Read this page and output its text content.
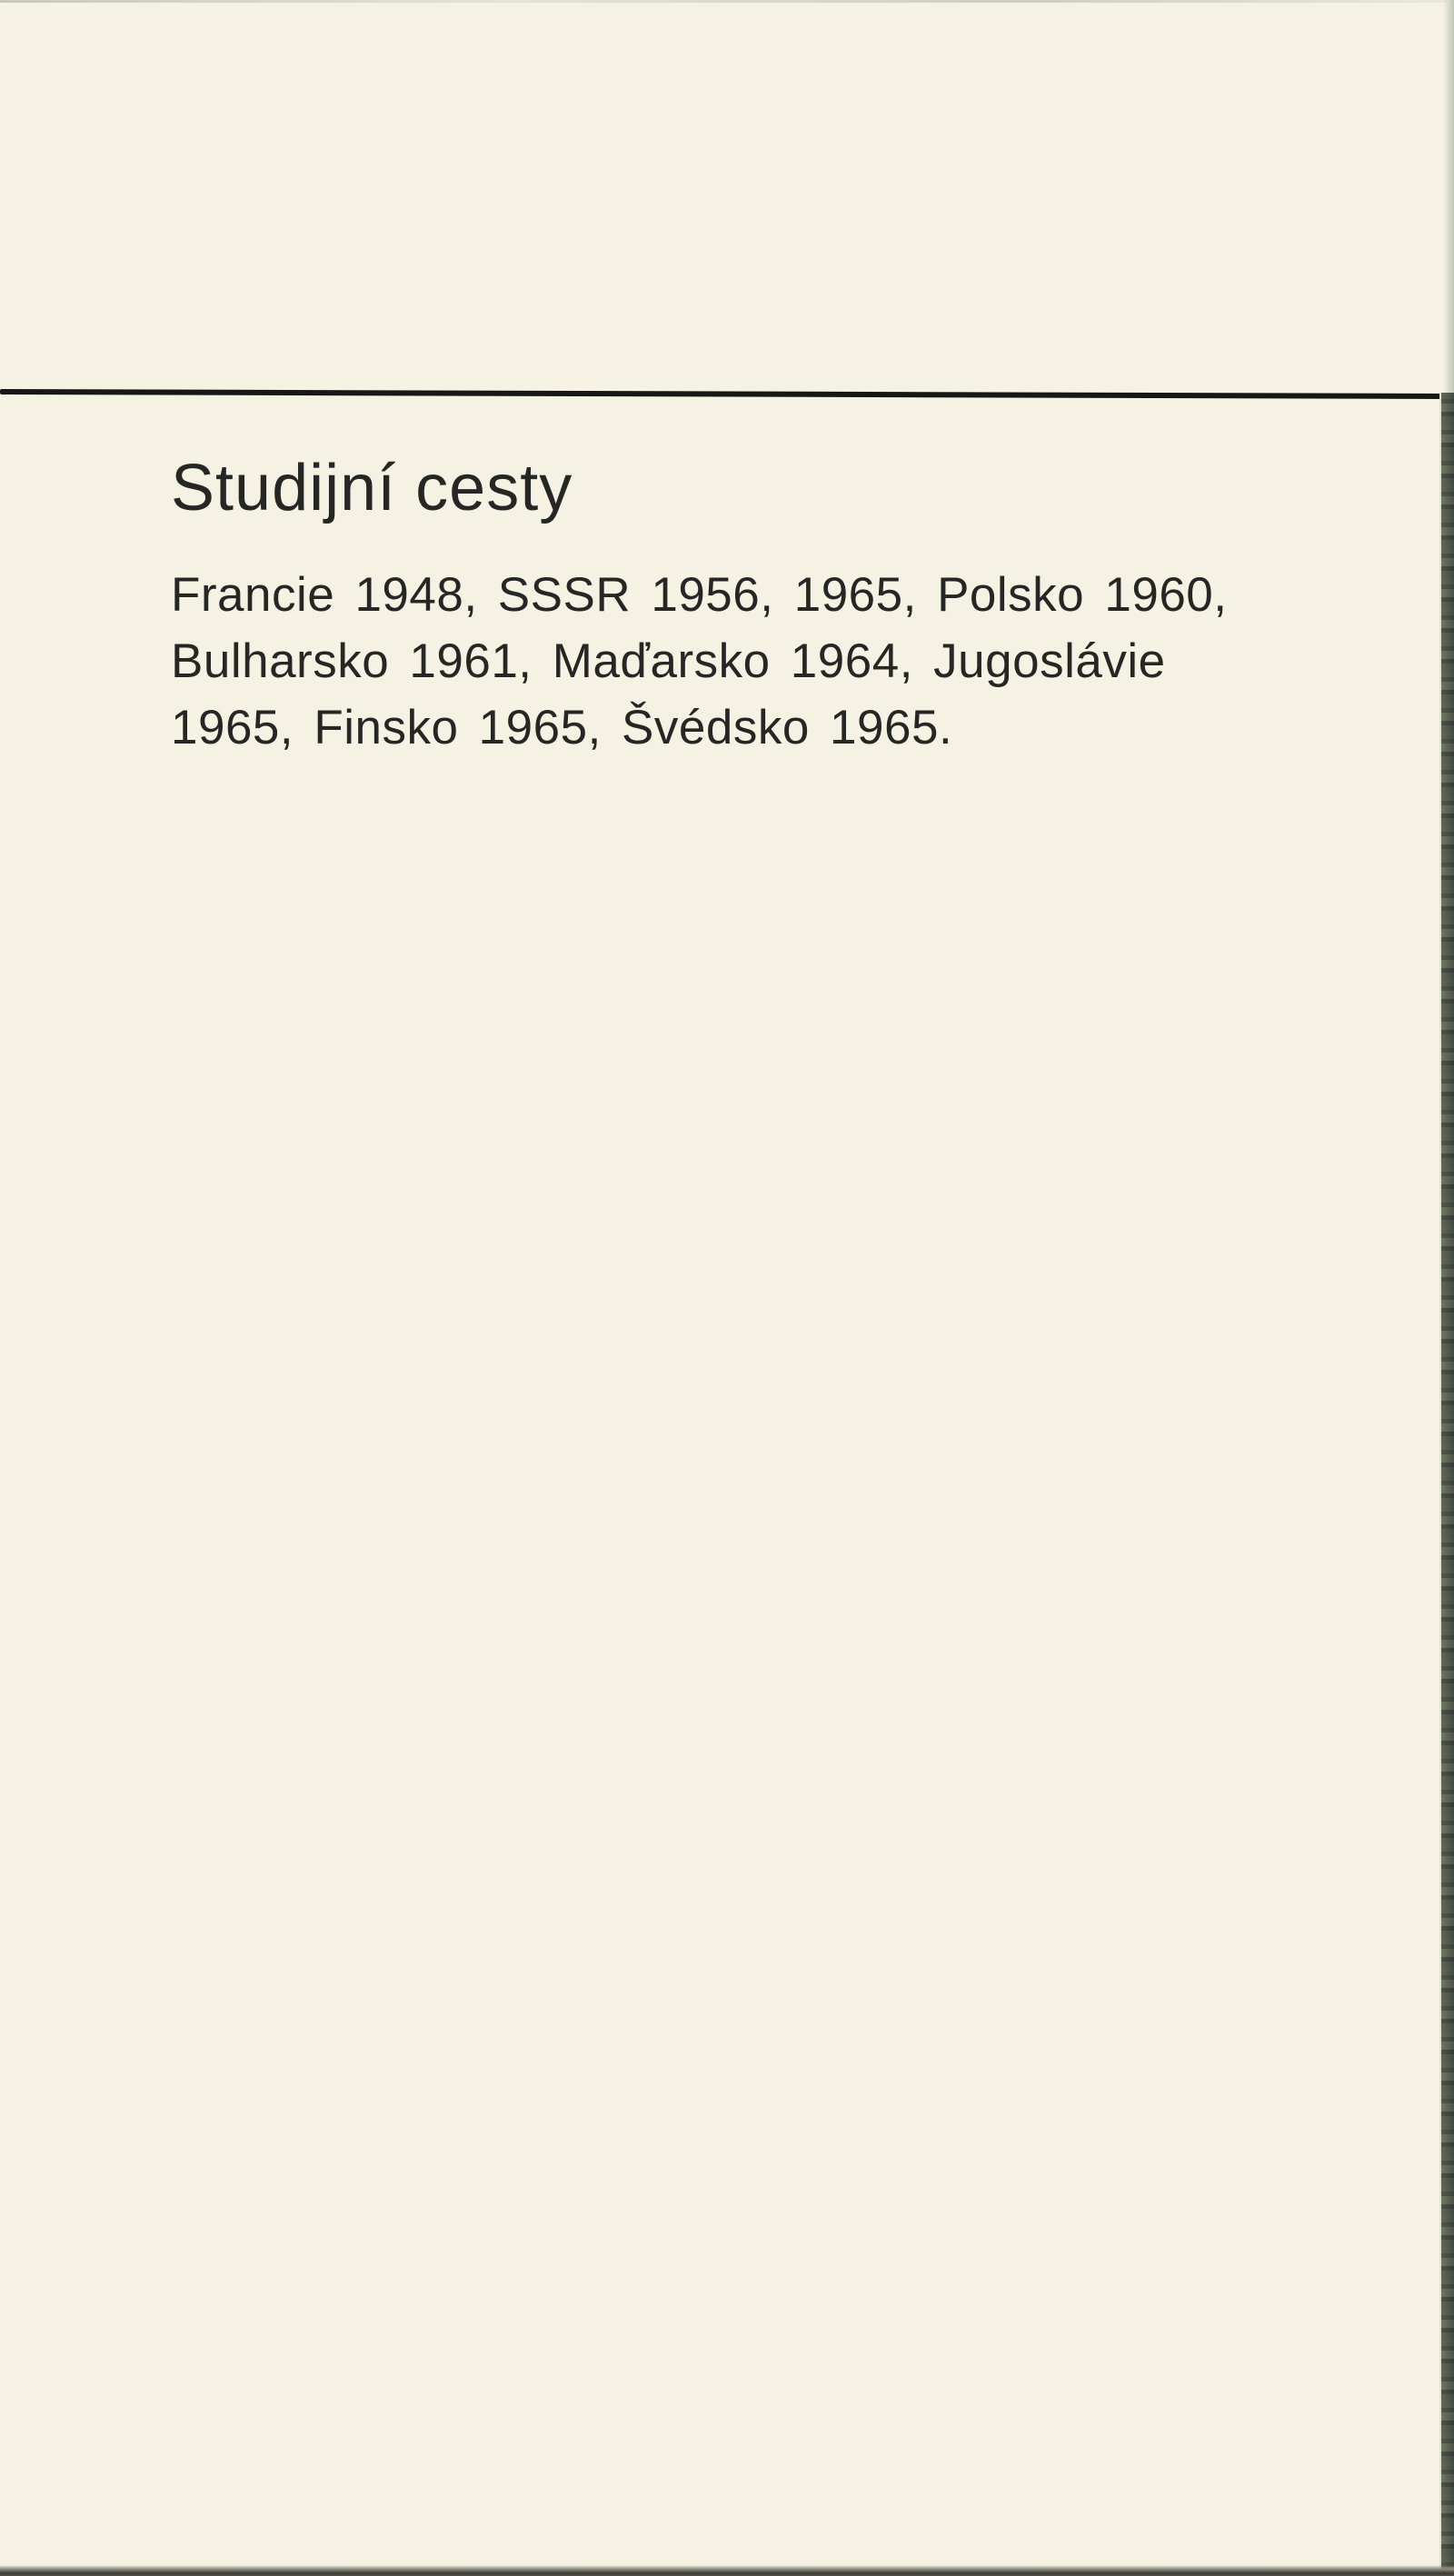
Studijní cesty

Francie 1948, SSSR 1956, 1965, Polsko 1960,
Bulharsko 1961, Maďarsko 1964, Jugoslávie
1965, Finsko 1965, Švédsko 1965.
